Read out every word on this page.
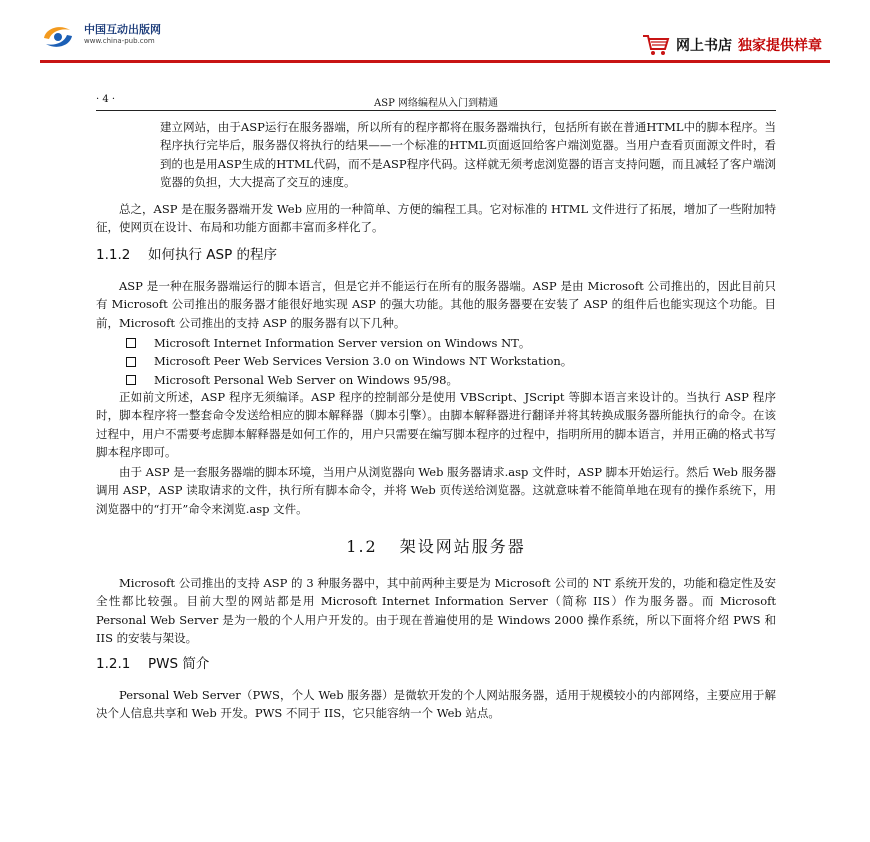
中国互动出版网
www.china-pub.com	网上书店 独家提供样章
· 4 ·	ASP 网络编程从入门到精通

建立网站，由于ASP运行在服务器端，所以所有的程序都将在服务器端执行，包括所有嵌在普通HTML中的脚本程序。当程序执行完毕后，服务器仅将执行的结果——一个标准的HTML页面返回给客户端浏览器。当用户查看页面源文件时，看到的也是用ASP生成的HTML代码，而不是ASP程序代码。这样就无须考虑浏览器的语言支持问题，而且减轻了客户端浏览器的负担，大大提高了交互的速度。

总之，ASP 是在服务器端开发 Web 应用的一种简单、方便的编程工具。它对标准的 HTML 文件进行了拓展，增加了一些附加特征，使网页在设计、布局和功能方面都丰富而多样化了。

1.1.2 如何执行 ASP 的程序

ASP 是一种在服务器端运行的脚本语言，但是它并不能运行在所有的服务器端。ASP 是由 Microsoft 公司推出的，因此目前只有 Microsoft 公司推出的服务器才能很好地实现 ASP 的强大功能。其他的服务器要在安装了 ASP 的组件后也能实现这个功能。目前，Microsoft 公司推出的支持 ASP 的服务器有以下几种。

Microsoft Internet Information Server version on Windows NT。
Microsoft Peer Web Services Version 3.0 on Windows NT Workstation。
Microsoft Personal Web Server on Windows 95/98。

正如前文所述，ASP 程序无须编译。ASP 程序的控制部分是使用 VBScript、JScript 等脚本语言来设计的。当执行 ASP 程序时，脚本程序将一整套命令发送给相应的脚本解释器（脚本引擎）。由脚本解释器进行翻译并将其转换成服务器所能执行的命令。在该过程中，用户不需要考虑脚本解释器是如何工作的，用户只需要在编写脚本程序的过程中，指明所用的脚本语言，并用正确的格式书写脚本程序即可。

由于 ASP 是一套服务器端的脚本环境，当用户从浏览器向 Web 服务器请求.asp 文件时，ASP 脚本开始运行。然后 Web 服务器调用 ASP，ASP 读取请求的文件，执行所有脚本命令，并将 Web 页传送给浏览器。这就意味着不能简单地在现有的操作系统下，用浏览器中的“打开”命令来浏览.asp 文件。

1.2 架设网站服务器

Microsoft 公司推出的支持 ASP 的 3 种服务器中，其中前两种主要是为 Microsoft 公司的 NT 系统开发的，功能和稳定性及安全性都比较强。目前大型的网站都是用 Microsoft Internet Information Server（简称 IIS）作为服务器。而 Microsoft Personal Web Server 是为一般的个人用户开发的。由于现在普遍使用的是 Windows 2000 操作系统，所以下面将介绍 PWS 和 IIS 的安装与架设。

1.2.1 PWS 简介

Personal Web Server（PWS，个人 Web 服务器）是微软开发的个人网站服务器，适用于规模较小的内部网络，主要应用于解决个人信息共享和 Web 开发。PWS 不同于 IIS，它只能容纳一个 Web 站点。
